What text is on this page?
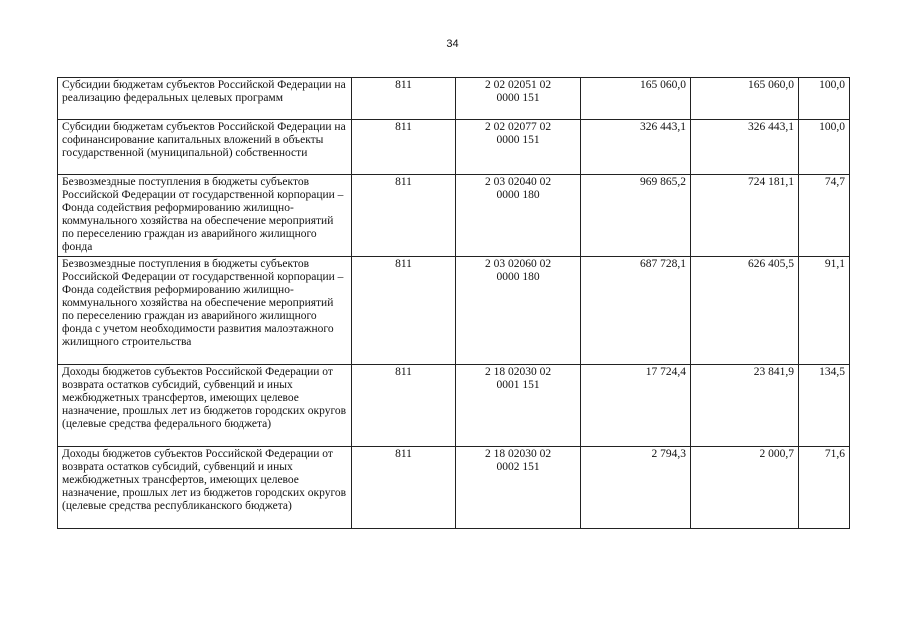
34
Субсидии бюджетам субъектов Российской Федерации на реализацию федеральных целевых программ	811	2 02 02051 02
0000 151	165 060,0	165 060,0	100,0
Субсидии бюджетам субъектов Российской Федерации на софинансирование капитальных вложений в объекты государственной (муниципальной) собственности	811	2 02 02077 02
0000 151	326 443,1	326 443,1	100,0
Безвозмездные поступления в бюджеты субъектов Российской Федерации от государственной корпорации – Фонда содействия реформированию жилищно-коммунального хозяйства на обеспечение мероприятий по переселению граждан из аварийного жилищного фонда	811	2 03 02040 02
0000 180	969 865,2	724 181,1	74,7
Безвозмездные поступления в бюджеты субъектов Российской Федерации от государственной корпорации – Фонда содействия реформированию жилищно-коммунального хозяйства на обеспечение мероприятий по переселению граждан из аварийного жилищного фонда с учетом необходимости развития малоэтажного жилищного строительства	811	2 03 02060 02
0000 180	687 728,1	626 405,5	91,1
Доходы бюджетов субъектов Российской Федерации от возврата остатков субсидий, субвенций и иных межбюджетных трансфертов, имеющих целевое назначение, прошлых лет из бюджетов городских округов (целевые средства федерального бюджета)	811	2 18 02030 02
0001 151	17 724,4	23 841,9	134,5
Доходы бюджетов субъектов Российской Федерации от возврата остатков субсидий, субвенций и иных межбюджетных трансфертов, имеющих целевое назначение, прошлых лет из бюджетов городских округов (целевые средства республиканского бюджета)	811	2 18 02030 02
0002 151	2 794,3	2 000,7	71,6
